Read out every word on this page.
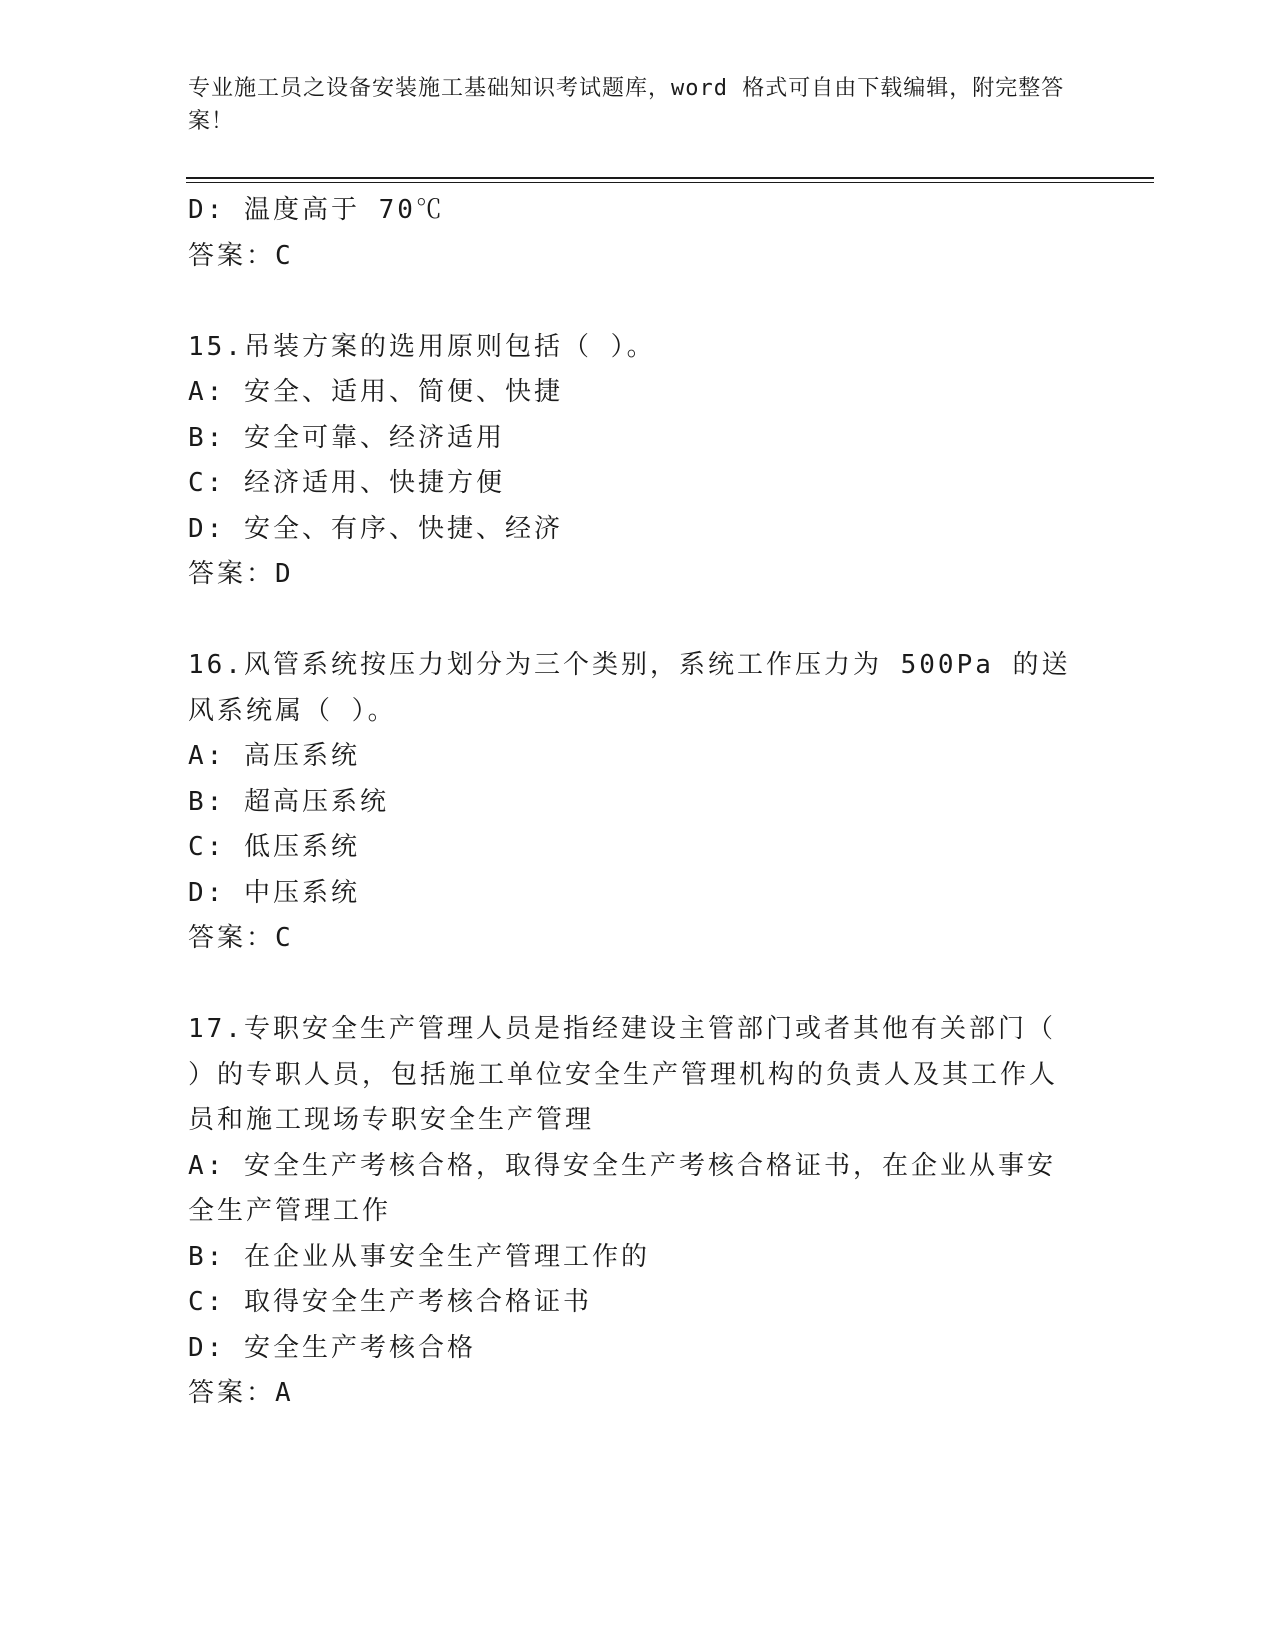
专业施工员之设备安装施工基础知识考试题库，word 格式可自由下载编辑，附完整答案！
D: 温度高于 70℃
答案：C
15.吊装方案的选用原则包括（ ）。
A: 安全、适用、简便、快捷
B: 安全可靠、经济适用
C: 经济适用、快捷方便
D: 安全、有序、快捷、经济
答案：D
16.风管系统按压力划分为三个类别，系统工作压力为 500Pa 的送风系统属（ ）。
A: 高压系统
B: 超高压系统
C: 低压系统
D: 中压系统
答案：C
17.专职安全生产管理人员是指经建设主管部门或者其他有关部门（ ）的专职人员，包括施工单位安全生产管理机构的负责人及其工作人员和施工现场专职安全生产管理
A: 安全生产考核合格，取得安全生产考核合格证书，在企业从事安全生产管理工作
B: 在企业从事安全生产管理工作的
C: 取得安全生产考核合格证书
D: 安全生产考核合格
答案：A
